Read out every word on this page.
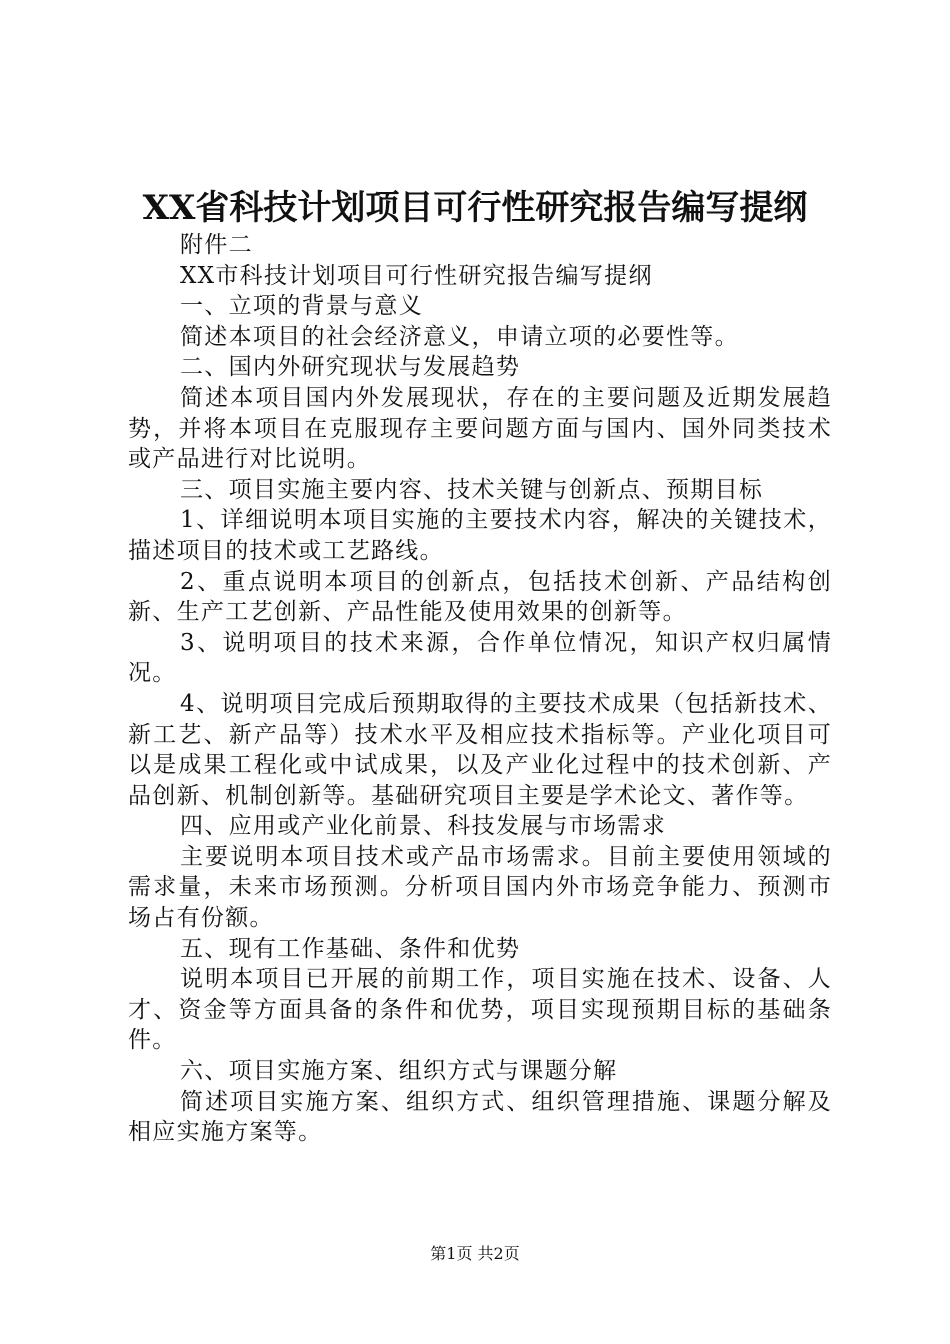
XX省科技计划项目可行性研究报告编写提纲

附件二

XX市科技计划项目可行性研究报告编写提纲

一、立项的背景与意义

简述本项目的社会经济意义，申请立项的必要性等。

二、国内外研究现状与发展趋势

简述本项目国内外发展现状，存在的主要问题及近期发展趋势，并将本项目在克服现存主要问题方面与国内、国外同类技术或产品进行对比说明。

三、项目实施主要内容、技术关键与创新点、预期目标

1、详细说明本项目实施的主要技术内容，解决的关键技术，描述项目的技术或工艺路线。

2、重点说明本项目的创新点，包括技术创新、产品结构创新、生产工艺创新、产品性能及使用效果的创新等。

3、说明项目的技术来源，合作单位情况，知识产权归属情况。

4、说明项目完成后预期取得的主要技术成果（包括新技术、新工艺、新产品等）技术水平及相应技术指标等。产业化项目可以是成果工程化或中试成果，以及产业化过程中的技术创新、产品创新、机制创新等。基础研究项目主要是学术论文、著作等。

四、应用或产业化前景、科技发展与市场需求

主要说明本项目技术或产品市场需求。目前主要使用领域的需求量，未来市场预测。分析项目国内外市场竞争能力、预测市场占有份额。

五、现有工作基础、条件和优势

说明本项目已开展的前期工作，项目实施在技术、设备、人才、资金等方面具备的条件和优势，项目实现预期目标的基础条件。

六、项目实施方案、组织方式与课题分解

简述项目实施方案、组织方式、组织管理措施、课题分解及相应实施方案等。

第1页 共2页
